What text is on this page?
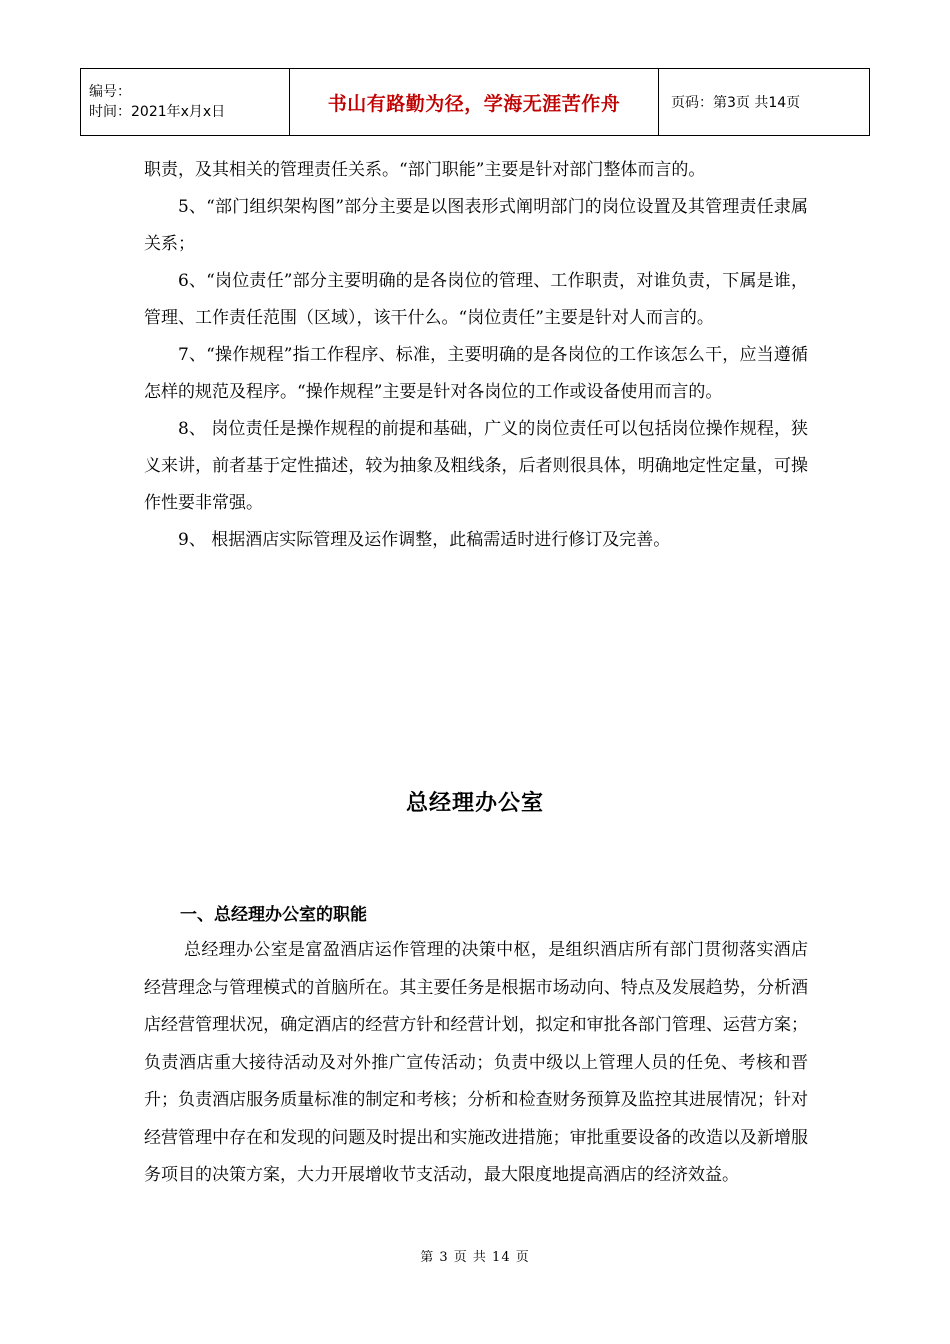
编号：
时间：2021年x月x日	书山有路勤为径，学海无涯苦作舟	页码：第3页 共14页

职责，及其相关的管理责任关系。“部门职能”主要是针对部门整体而言的。

5、“部门组织架构图”部分主要是以图表形式阐明部门的岗位设置及其管理责任隶属关系；

6、“岗位责任”部分主要明确的是各岗位的管理、工作职责，对谁负责，下属是谁，管理、工作责任范围（区域），该干什么。“岗位责任”主要是针对人而言的。

7、“操作规程”指工作程序、标准，主要明确的是各岗位的工作该怎么干，应当遵循怎样的规范及程序。“操作规程”主要是针对各岗位的工作或设备使用而言的。

8、 岗位责任是操作规程的前提和基础，广义的岗位责任可以包括岗位操作规程，狭义来讲，前者基于定性描述，较为抽象及粗线条，后者则很具体，明确地定性定量，可操作性要非常强。

9、 根据酒店实际管理及运作调整，此稿需适时进行修订及完善。

总经理办公室

一、总经理办公室的职能

总经理办公室是富盈酒店运作管理的决策中枢，是组织酒店所有部门贯彻落实酒店经营理念与管理模式的首脑所在。其主要任务是根据市场动向、特点及发展趋势，分析酒店经营管理状况，确定酒店的经营方针和经营计划，拟定和审批各部门管理、运营方案；负责酒店重大接待活动及对外推广宣传活动；负责中级以上管理人员的任免、考核和晋升；负责酒店服务质量标准的制定和考核；分析和检查财务预算及监控其进展情况；针对经营管理中存在和发现的问题及时提出和实施改进措施；审批重要设备的改造以及新增服务项目的决策方案，大力开展增收节支活动，最大限度地提高酒店的经济效益。

第 3 页 共 14 页
